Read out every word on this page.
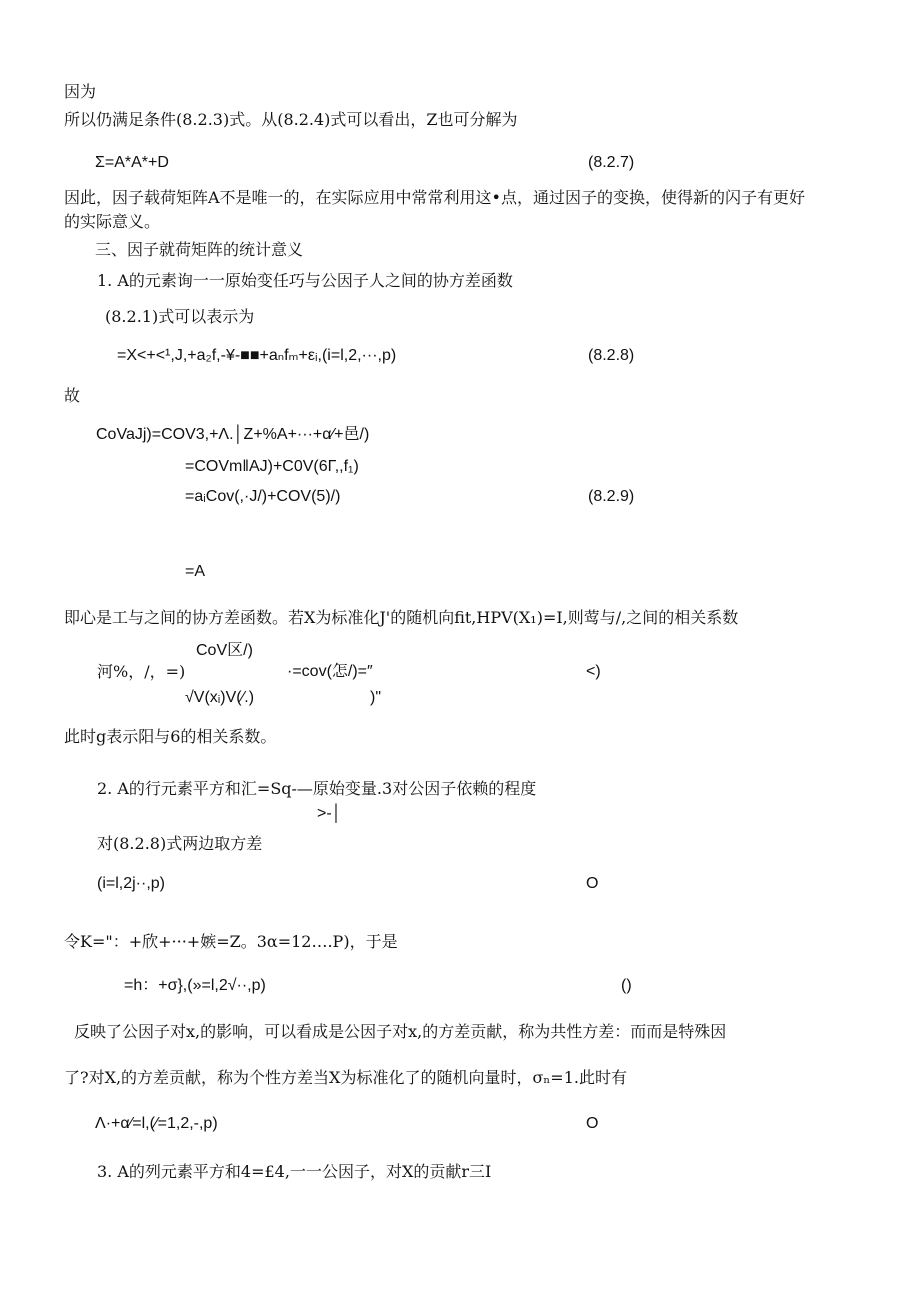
因为
所以仍满足条件(8.2.3)式。从(8.2.4)式可以看出，Z也可分解为
Σ=A*A*+D	(8.2.7)
因此，因子载荷矩阵A不是唯一的，在实际应用中常常利用这•点，通过因子的变换，使得新的闪子有更好
的实际意义。
三、因子就荷矩阵的统计意义
1. A的元素询一一原始变任巧与公因子人之间的协方差函数
(8.2.1)式可以表示为
=X<+<¹,J,+a₂f,-¥-■■+aₙfₘ+εᵢ,(i=l,2,···,p)	(8.2.8)
故
CoVaJj)=COV3,+Λ.│Z+%A+···+α⁄+邑/)
=COVm‖AJ)+C0V(6Γ,,f₁)
=aᵢCov(,·J/)+COV(5)/)	(8.2.9)
=A
即心是工与之间的协方差函数。若X为标准化J'的随机向fit,HPV(X₁)=I,则莺与/,之间的相关系数
CoV区/)
河%，/，=)	·=cov(怎/)=″	<)
√V(xᵢ)V(⁄.)	)"
此时g表示阳与6的相关系数。
2. A的行元素平方和汇=Sq-—原始变量.3对公因子依赖的程度
>-│
对(8.2.8)式两边取方差
(i=l,2j··,p)	O
令K="：+欣+···+嫉=Z。3α=12….P)，于是
=h：+σ},(»=l,2√··,p)	()
反映了公因子对x,的影响，可以看成是公因子对x,的方差贡献，称为共性方差：而而是特殊因
了?对X,的方差贡献，称为个性方差当X为标准化了的随机向量时，σₙ=1.此时有
Λ·+α⁄=l,(⁄=1,2,-,p)	O
3. A的列元素平方和4=£4,一一公因子，对X的贡献r三I
